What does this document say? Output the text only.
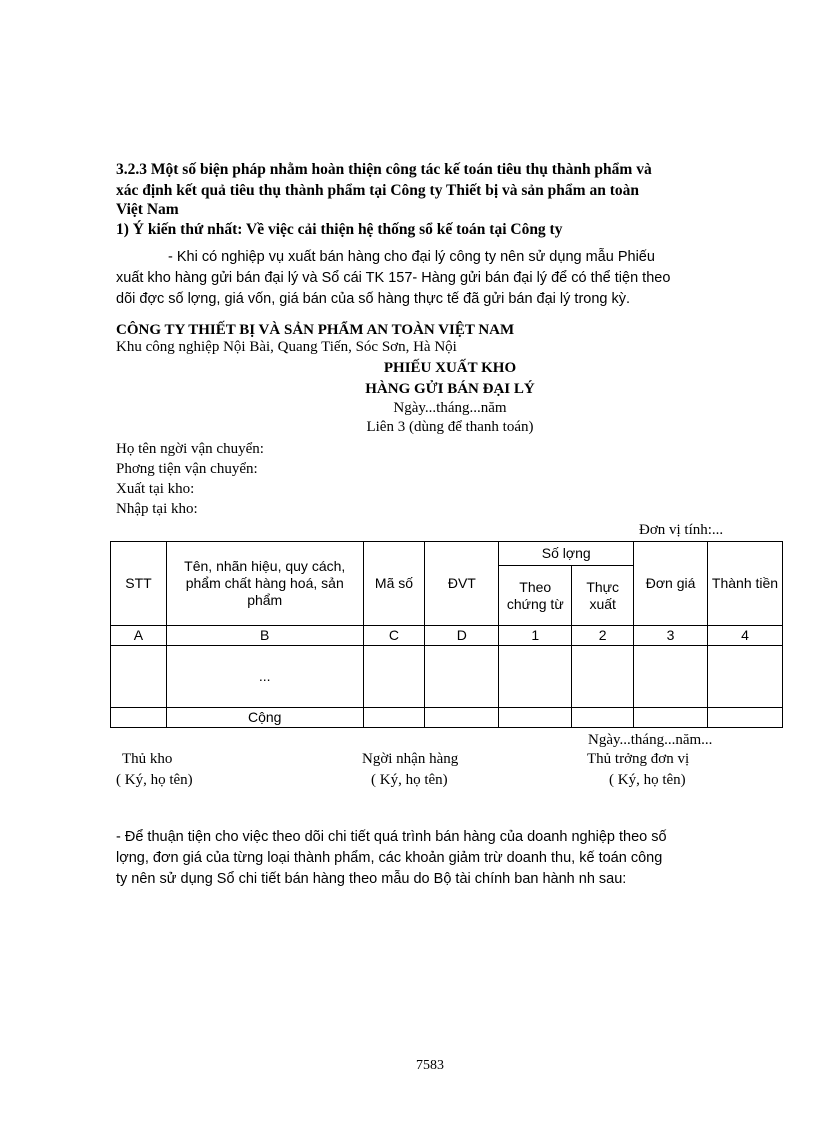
3.2.3 Một số biện pháp nhằm hoàn thiện công tác kế toán tiêu thụ thành phẩm và
xác định kết quả tiêu thụ thành phẩm tại Công ty Thiết bị và sản phẩm an toàn
Việt Nam
1) Ý kiến thứ nhất: Về việc cải thiện hệ thống sổ kế toán tại Công ty
- Khi có nghiệp vụ xuất bán hàng cho đại lý công ty nên sử dụng mẫu Phiếu
xuất kho hàng gửi bán đại lý và Sổ cái TK 157- Hàng gửi bán đại lý để có thể tiện theo
dõi đợc số lợng, giá vốn, giá bán của số hàng thực tế đã gửi bán đại lý trong kỳ.
CÔNG TY THIẾT BỊ VÀ SẢN PHẨM AN TOÀN VIỆT NAM
Khu công nghiệp Nội Bài, Quang Tiến, Sóc Sơn, Hà Nội
PHIẾU XUẤT KHO
HÀNG GỬI BÁN ĐẠI LÝ
Ngày...tháng...năm
Liên 3 (dùng để thanh toán)
Họ tên ngời vận chuyển:
Phơng tiện vận chuyển:
Xuất tại kho:
Nhập tại kho:
Đơn vị tính:...
STT	Tên, nhãn hiệu, quy cách, phẩm chất hàng hoá, sản phẩm	Mã số	ĐVT	Số lợng		Đơn giá	Thành tiền
				Theo chứng từ	Thực xuất		
A	B	C	D	1	2	3	4
	...						
	Cộng						
Ngày...tháng...năm...
Thủ kho
( Ký, họ tên)
Ngời nhận hàng
( Ký, họ tên)
Thủ trởng đơn vị
( Ký, họ tên)
- Để thuận tiện cho việc theo dõi chi tiết quá trình bán hàng của doanh nghiệp theo số
lợng, đơn giá của từng loại thành phẩm, các khoản giảm trừ doanh thu, kế toán công
ty nên sử dụng Sổ chi tiết bán hàng theo mẫu do Bộ tài chính ban hành nh sau:
7583
